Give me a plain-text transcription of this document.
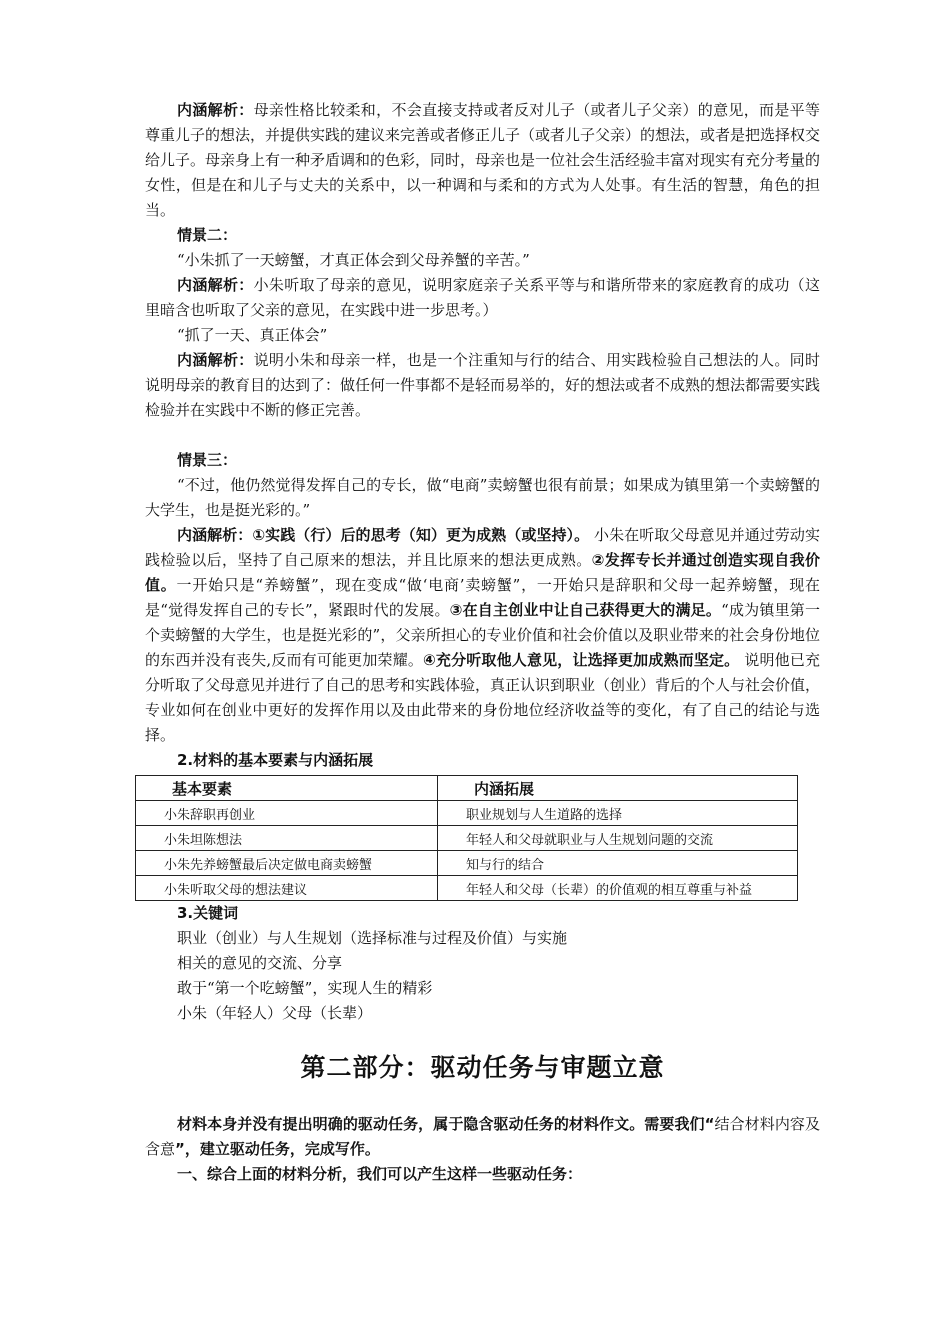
内涵解析：母亲性格比较柔和，不会直接支持或者反对儿子（或者儿子父亲）的意见，而是平等尊重儿子的想法，并提供实践的建议来完善或者修正儿子（或者儿子父亲）的想法，或者是把选择权交给儿子。母亲身上有一种矛盾调和的色彩，同时，母亲也是一位社会生活经验丰富对现实有充分考量的女性，但是在和儿子与丈夫的关系中，以一种调和与柔和的方式为人处事。有生活的智慧，角色的担当。

情景二：

“小朱抓了一天螃蟹，才真正体会到父母养蟹的辛苦。”

内涵解析：小朱听取了母亲的意见，说明家庭亲子关系平等与和谐所带来的家庭教育的成功（这里暗含也听取了父亲的意见，在实践中进一步思考。）

“抓了一天、真正体会”

内涵解析：说明小朱和母亲一样，也是一个注重知与行的结合、用实践检验自己想法的人。同时说明母亲的教育目的达到了：做任何一件事都不是轻而易举的，好的想法或者不成熟的想法都需要实践检验并在实践中不断的修正完善。

情景三：

“不过，他仍然觉得发挥自己的专长，做“电商”卖螃蟹也很有前景；如果成为镇里第一个卖螃蟹的大学生，也是挺光彩的。”

内涵解析：①实践（行）后的思考（知）更为成熟（或坚持）。 小朱在听取父母意见并通过劳动实践检验以后，坚持了自己原来的想法，并且比原来的想法更成熟。②发挥专长并通过创造实现自我价值。一开始只是“养螃蟹”，现在变成“做‘电商’卖螃蟹”，一开始只是辞职和父母一起养螃蟹，现在是“觉得发挥自己的专长”，紧跟时代的发展。③在自主创业中让自己获得更大的满足。“成为镇里第一个卖螃蟹的大学生，也是挺光彩的”，父亲所担心的专业价值和社会价值以及职业带来的社会身份地位的东西并没有丧失,反而有可能更加荣耀。④充分听取他人意见，让选择更加成熟而坚定。 说明他已充分听取了父母意见并进行了自己的思考和实践体验，真正认识到职业（创业）背后的个人与社会价值，专业如何在创业中更好的发挥作用以及由此带来的身份地位经济收益等的变化，有了自己的结论与选择。

2.材料的基本要素与内涵拓展

基本要素	内涵拓展
小朱辞职再创业	职业规划与人生道路的选择
小朱坦陈想法	年轻人和父母就职业与人生规划问题的交流
小朱先养螃蟹最后决定做电商卖螃蟹	知与行的结合
小朱听取父母的想法建议	年轻人和父母（长辈）的价值观的相互尊重与补益

3.关键词

职业（创业）与人生规划（选择标准与过程及价值）与实施

相关的意见的交流、分享

敢于“第一个吃螃蟹”，实现人生的精彩

小朱（年轻人）父母（长辈）

第二部分：驱动任务与审题立意

材料本身并没有提出明确的驱动任务，属于隐含驱动任务的材料作文。需要我们“结合材料内容及含意”，建立驱动任务，完成写作。

一、综合上面的材料分析，我们可以产生这样一些驱动任务：
